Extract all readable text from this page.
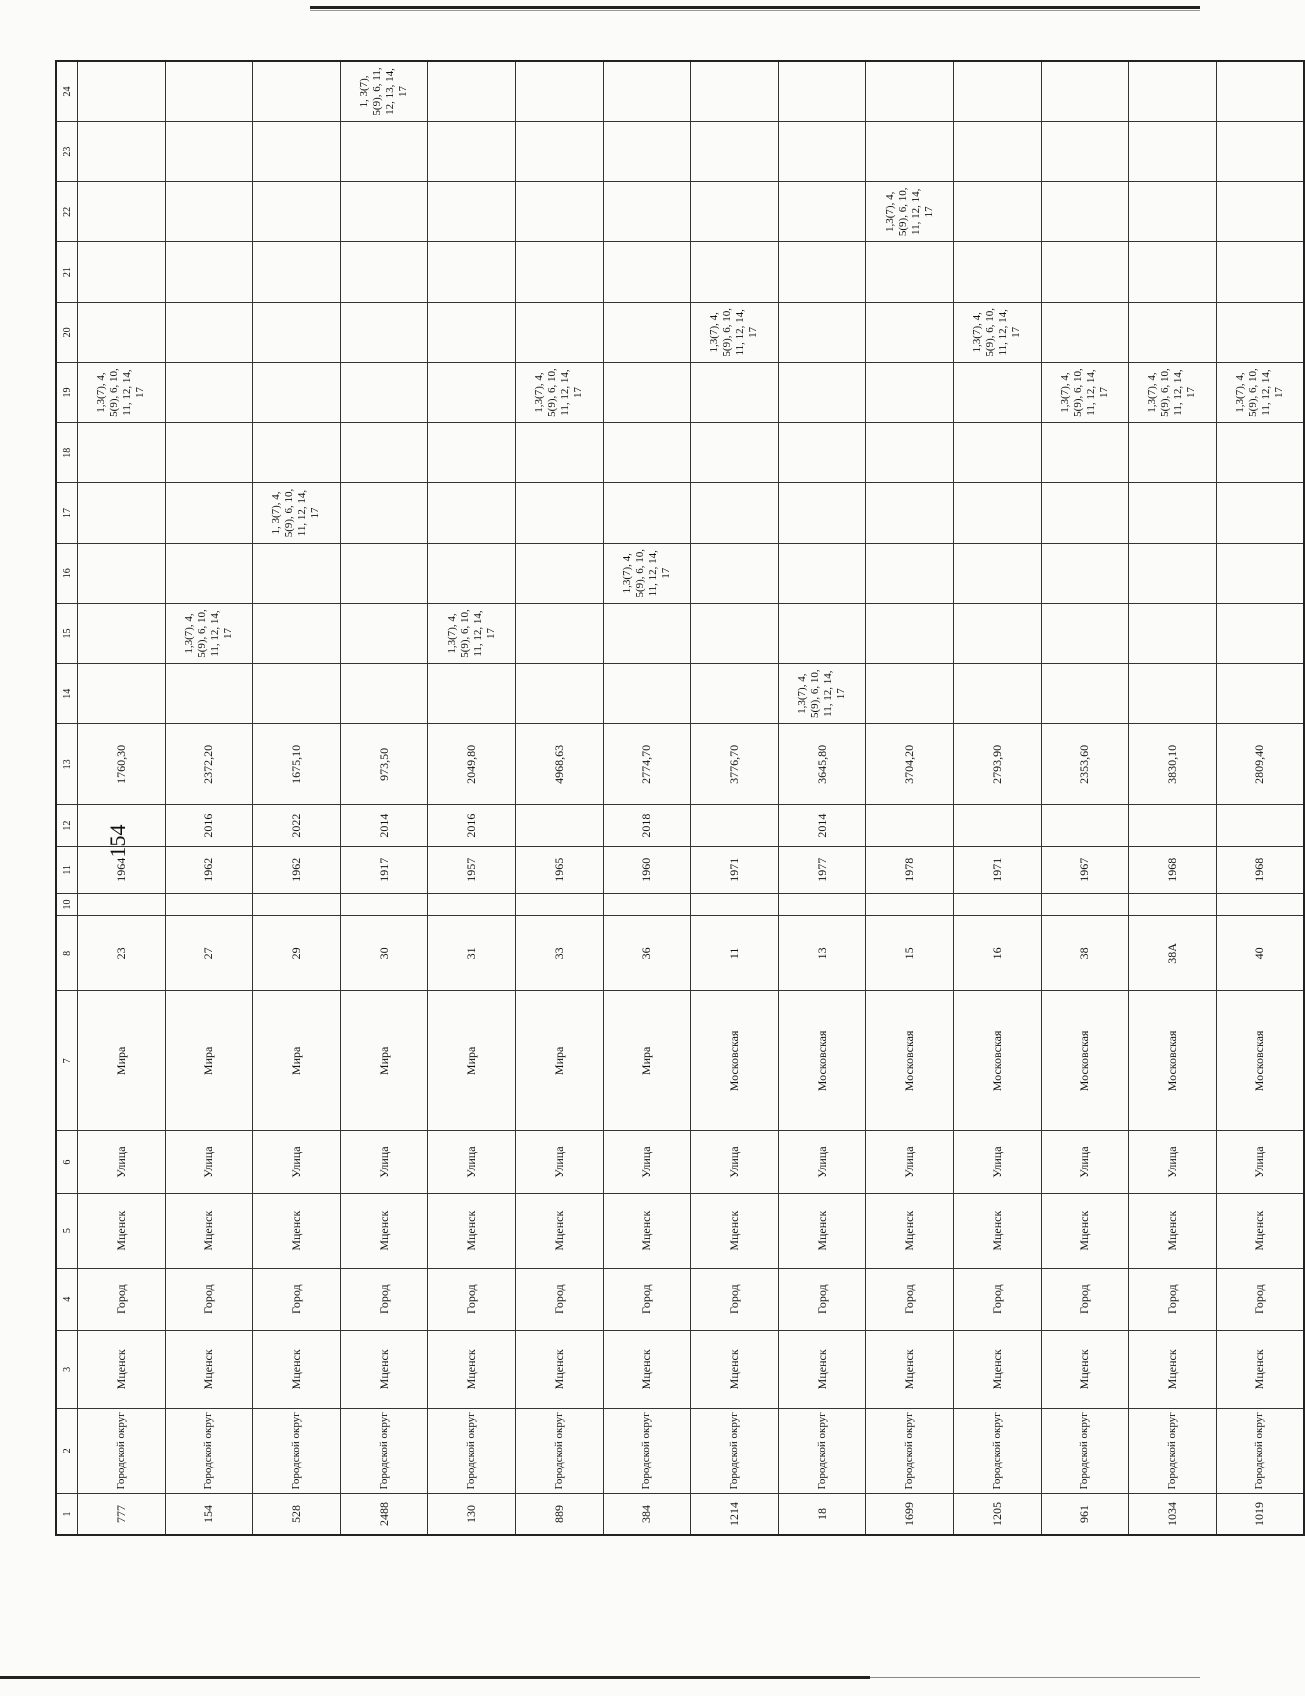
154
1	2	3	4	5	6	7	8	10	11	12	13	14	15	16	17	18	19	20	21	22	23	24
777	Городской округ	Мценск	Город	Мценск	Улица	Мира	23		1964		1760,30						1,3(7), 4, 5(9), 6, 10, 11, 12, 14, 17					
154	Городской округ	Мценск	Город	Мценск	Улица	Мира	27		1962	2016	2372,20		1,3(7), 4, 5(9), 6, 10, 11, 12, 14, 17									
528	Городской округ	Мценск	Город	Мценск	Улица	Мира	29		1962	2022	1675,10				1, 3(7), 4, 5(9), 6, 10, 11, 12, 14, 17							
2488	Городской округ	Мценск	Город	Мценск	Улица	Мира	30		1917	2014	973,50											1, 3(7), 5(9), 6, 11, 12, 13, 14, 17
130	Городской округ	Мценск	Город	Мценск	Улица	Мира	31		1957	2016	2049,80		1,3(7), 4, 5(9), 6, 10, 11, 12, 14, 17									
889	Городской округ	Мценск	Город	Мценск	Улица	Мира	33		1965		4968,63						1,3(7), 4, 5(9), 6, 10, 11, 12, 14, 17					
384	Городской округ	Мценск	Город	Мценск	Улица	Мира	36		1960	2018	2774,70			1,3(7), 4, 5(9), 6, 10, 11, 12, 14, 17								
1214	Городской округ	Мценск	Город	Мценск	Улица	Московская	11		1971		3776,70							1,3(7), 4, 5(9), 6, 10, 11, 12, 14, 17				
18	Городской округ	Мценск	Город	Мценск	Улица	Московская	13		1977	2014	3645,80	1,3(7), 4, 5(9), 6, 10, 11, 12, 14, 17										
1699	Городской округ	Мценск	Город	Мценск	Улица	Московская	15		1978		3704,20									1,3(7), 4, 5(9), 6, 10, 11, 12, 14, 17		
1205	Городской округ	Мценск	Город	Мценск	Улица	Московская	16		1971		2793,90							1,3(7), 4, 5(9), 6, 10, 11, 12, 14, 17				
961	Городской округ	Мценск	Город	Мценск	Улица	Московская	38		1967		2353,60						1,3(7), 4, 5(9), 6, 10, 11, 12, 14, 17					
1034	Городской округ	Мценск	Город	Мценск	Улица	Московская	38А		1968		3830,10						1,3(7), 4, 5(9), 6, 10, 11, 12, 14, 17					
1019	Городской округ	Мценск	Город	Мценск	Улица	Московская	40		1968		2809,40						1,3(7), 4, 5(9), 6, 10, 11, 12, 14, 17					
